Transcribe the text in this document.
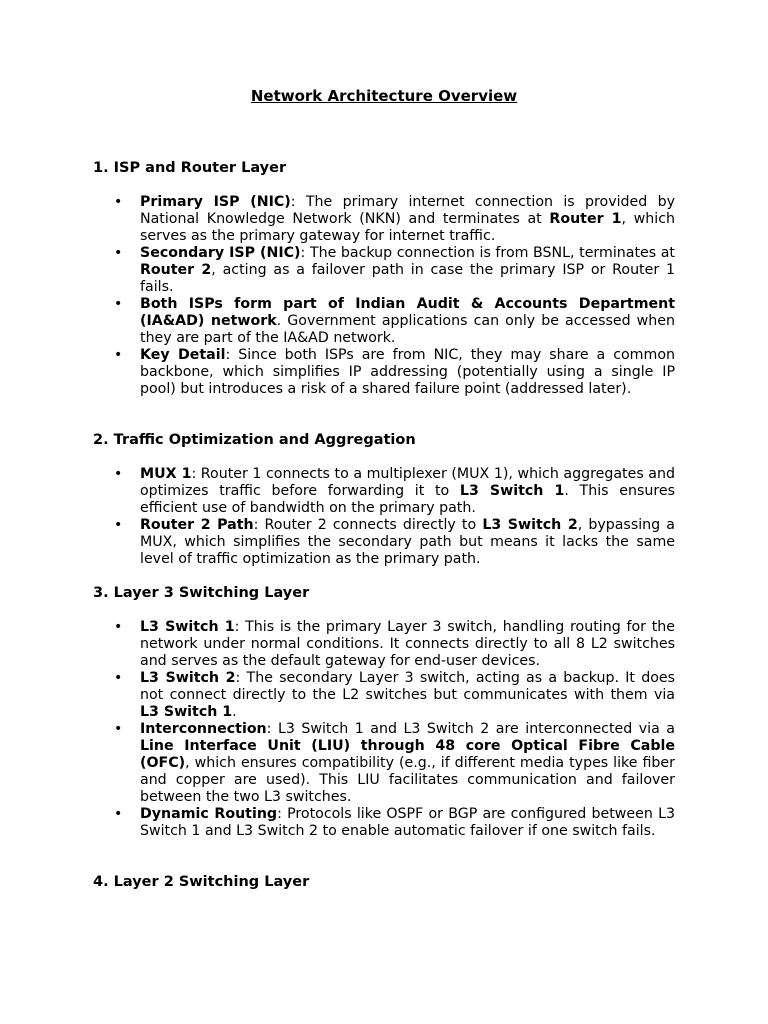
Network Architecture Overview

1. ISP and Router Layer

• Primary ISP (NIC): The primary internet connection is provided by National Knowledge Network (NKN) and terminates at Router 1, which serves as the primary gateway for internet traffic.
• Secondary ISP (NIC): The backup connection is from BSNL, terminates at Router 2, acting as a failover path in case the primary ISP or Router 1 fails.
• Both ISPs form part of Indian Audit & Accounts Department (IA&AD) network. Government applications can only be accessed when they are part of the IA&AD network.
• Key Detail: Since both ISPs are from NIC, they may share a common backbone, which simplifies IP addressing (potentially using a single IP pool) but introduces a risk of a shared failure point (addressed later).

2. Traffic Optimization and Aggregation

• MUX 1: Router 1 connects to a multiplexer (MUX 1), which aggregates and optimizes traffic before forwarding it to L3 Switch 1. This ensures efficient use of bandwidth on the primary path.
• Router 2 Path: Router 2 connects directly to L3 Switch 2, bypassing a MUX, which simplifies the secondary path but means it lacks the same level of traffic optimization as the primary path.

3. Layer 3 Switching Layer

• L3 Switch 1: This is the primary Layer 3 switch, handling routing for the network under normal conditions. It connects directly to all 8 L2 switches and serves as the default gateway for end-user devices.
• L3 Switch 2: The secondary Layer 3 switch, acting as a backup. It does not connect directly to the L2 switches but communicates with them via L3 Switch 1.
• Interconnection: L3 Switch 1 and L3 Switch 2 are interconnected via a Line Interface Unit (LIU) through 48 core Optical Fibre Cable (OFC), which ensures compatibility (e.g., if different media types like fiber and copper are used). This LIU facilitates communication and failover between the two L3 switches.
• Dynamic Routing: Protocols like OSPF or BGP are configured between L3 Switch 1 and L3 Switch 2 to enable automatic failover if one switch fails.

4. Layer 2 Switching Layer
